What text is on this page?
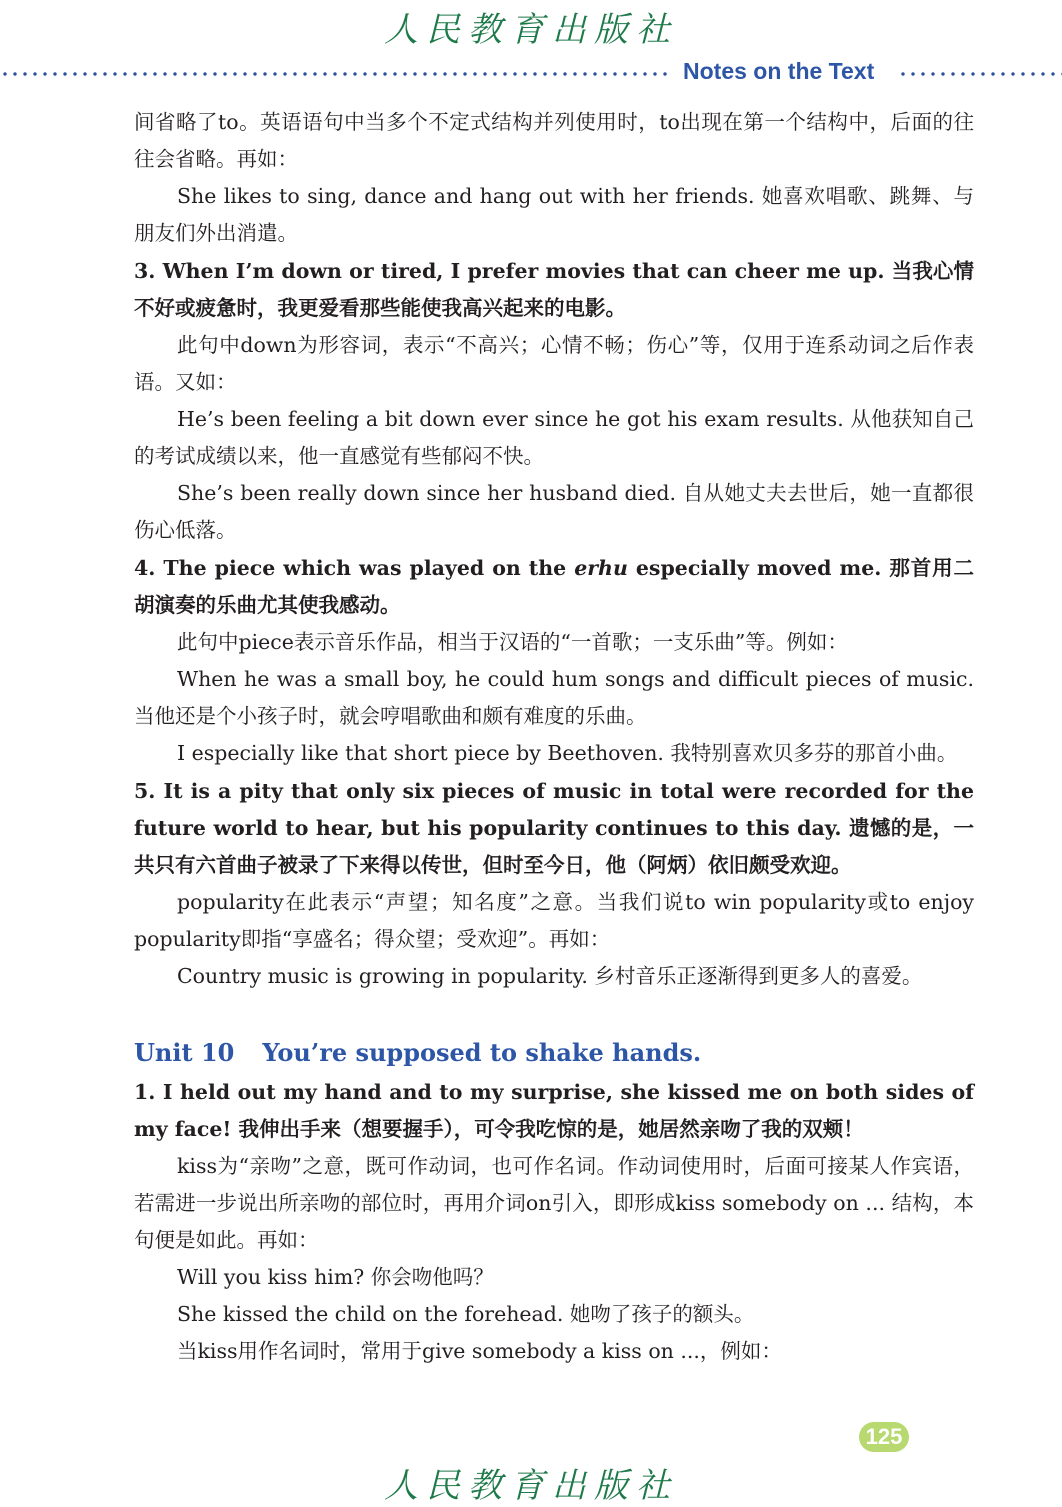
人民教育出版社
Notes on the Text

间省略了to。英语语句中当多个不定式结构并列使用时，to出现在第一个结构中，后面的往往会省略。再如：

She likes to sing, dance and hang out with her friends. 她喜欢唱歌、跳舞、与朋友们外出消遣。

3. When I’m down or tired, I prefer movies that can cheer me up. 当我心情不好或疲惫时，我更爱看那些能使我高兴起来的电影。

此句中down为形容词，表示“不高兴；心情不畅；伤心”等，仅用于连系动词之后作表语。又如：

He’s been feeling a bit down ever since he got his exam results. 从他获知自己的考试成绩以来，他一直感觉有些郁闷不快。

She’s been really down since her husband died. 自从她丈夫去世后，她一直都很伤心低落。

4. The piece which was played on the erhu especially moved me. 那首用二胡演奏的乐曲尤其使我感动。

此句中piece表示音乐作品，相当于汉语的“一首歌；一支乐曲”等。例如：

When he was a small boy, he could hum songs and difficult pieces of music. 当他还是个小孩子时，就会哼唱歌曲和颇有难度的乐曲。

I especially like that short piece by Beethoven. 我特别喜欢贝多芬的那首小曲。

5. It is a pity that only six pieces of music in total were recorded for the future world to hear, but his popularity continues to this day. 遗憾的是，一共只有六首曲子被录了下来得以传世，但时至今日，他（阿炳）依旧颇受欢迎。

popularity在此表示“声望；知名度”之意。当我们说to win popularity或to enjoy popularity即指“享盛名；得众望；受欢迎”。再如：

Country music is growing in popularity. 乡村音乐正逐渐得到更多人的喜爱。

Unit 10 You’re supposed to shake hands.

1. I held out my hand and to my surprise, she kissed me on both sides of my face! 我伸出手来（想要握手），可令我吃惊的是，她居然亲吻了我的双颊！

kiss为“亲吻”之意，既可作动词，也可作名词。作动词使用时，后面可接某人作宾语，若需进一步说出所亲吻的部位时，再用介词on引入，即形成kiss somebody on ... 结构，本句便是如此。再如：

Will you kiss him? 你会吻他吗？

She kissed the child on the forehead. 她吻了孩子的额头。

当kiss用作名词时，常用于give somebody a kiss on ...，例如：

125
人民教育出版社
